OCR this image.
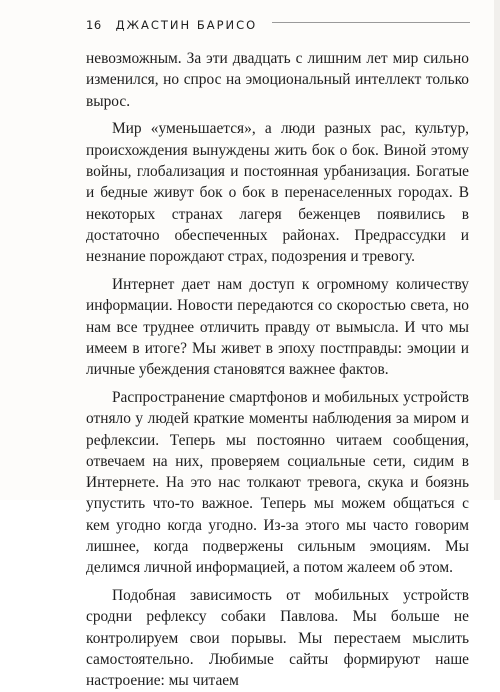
16 ДЖАСТИН БАРИСО

невозможным. За эти двадцать с лишним лет мир сильно изменился, но спрос на эмоциональный интеллект только вырос.

Мир «уменьшается», а люди разных рас, культур, происхождения вынуждены жить бок о бок. Виной этому войны, глобализация и постоянная урбанизация. Богатые и бедные живут бок о бок в перенаселенных городах. В некоторых странах лагеря беженцев появились в достаточно обеспеченных районах. Предрассудки и незнание порождают страх, подозрения и тревогу.

Интернет дает нам доступ к огромному количеству информации. Новости передаются со скоростью света, но нам все труднее отличить правду от вымысла. И что мы имеем в итоге? Мы живет в эпоху постправды: эмоции и личные убеждения становятся важнее фактов.

Распространение смартфонов и мобильных устройств отняло у людей краткие моменты наблюдения за миром и рефлексии. Теперь мы постоянно читаем сообщения, отвечаем на них, проверяем социальные сети, сидим в Интернете. На это нас толкают тревога, скука и боязнь упустить что-то важное. Теперь мы можем общаться с кем угодно когда угодно. Из-за этого мы часто говорим лишнее, когда подвержены сильным эмоциям. Мы делимся личной информацией, а потом жалеем об этом.

Подобная зависимость от мобильных устройств сродни рефлексу собаки Павлова. Мы больше не контролируем свои порывы. Мы перестаем мыслить самостоятельно. Любимые сайты формируют наше настроение: мы читаем
